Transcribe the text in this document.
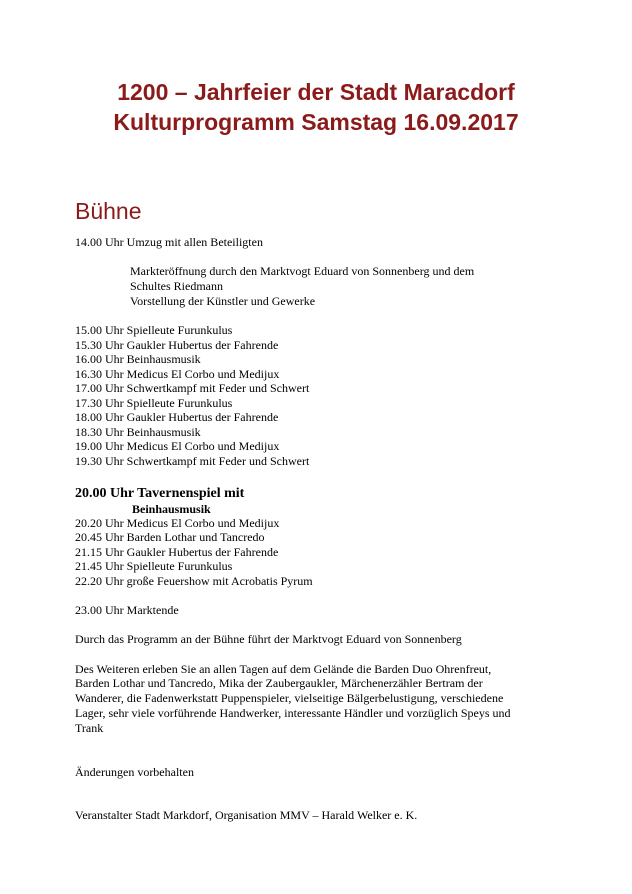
1200 – Jahrfeier der Stadt Maracdorf
Kulturprogramm Samstag 16.09.2017
Bühne
14.00 Uhr Umzug mit allen Beteiligten
Markteröffnung durch den Marktvogt Eduard von Sonnenberg und dem
Schultes Riedmann
Vorstellung der Künstler und Gewerke
15.00 Uhr Spielleute Furunkulus
15.30 Uhr Gaukler Hubertus der Fahrende
16.00 Uhr Beinhausmusik
16.30 Uhr Medicus El Corbo und Medijux
17.00 Uhr Schwertkampf mit Feder und Schwert
17.30 Uhr Spielleute Furunkulus
18.00 Uhr Gaukler Hubertus der Fahrende
18.30 Uhr Beinhausmusik
19.00 Uhr Medicus El Corbo und Medijux
19.30 Uhr Schwertkampf mit Feder und Schwert
20.00 Uhr Tavernenspiel mit
Beinhausmusik
20.20 Uhr Medicus El Corbo und Medijux
20.45 Uhr Barden Lothar und Tancredo
21.15 Uhr Gaukler Hubertus der Fahrende
21.45 Uhr Spielleute Furunkulus
22.20 Uhr große Feuershow mit Acrobatis Pyrum
23.00 Uhr Marktende
Durch das Programm an der Bühne führt der Marktvogt Eduard von Sonnenberg
Des Weiteren erleben Sie an allen Tagen auf dem Gelände die Barden Duo Ohrenfreut,
Barden Lothar und Tancredo, Mika der Zaubergaukler, Märchenerzähler Bertram der
Wanderer, die Fadenwerkstatt Puppenspieler, vielseitige Bälgerbelustigung, verschiedene
Lager, sehr viele vorführende Handwerker, interessante Händler und vorzüglich Speys und
Trank
Änderungen vorbehalten
Veranstalter Stadt Markdorf, Organisation MMV – Harald Welker e. K.
